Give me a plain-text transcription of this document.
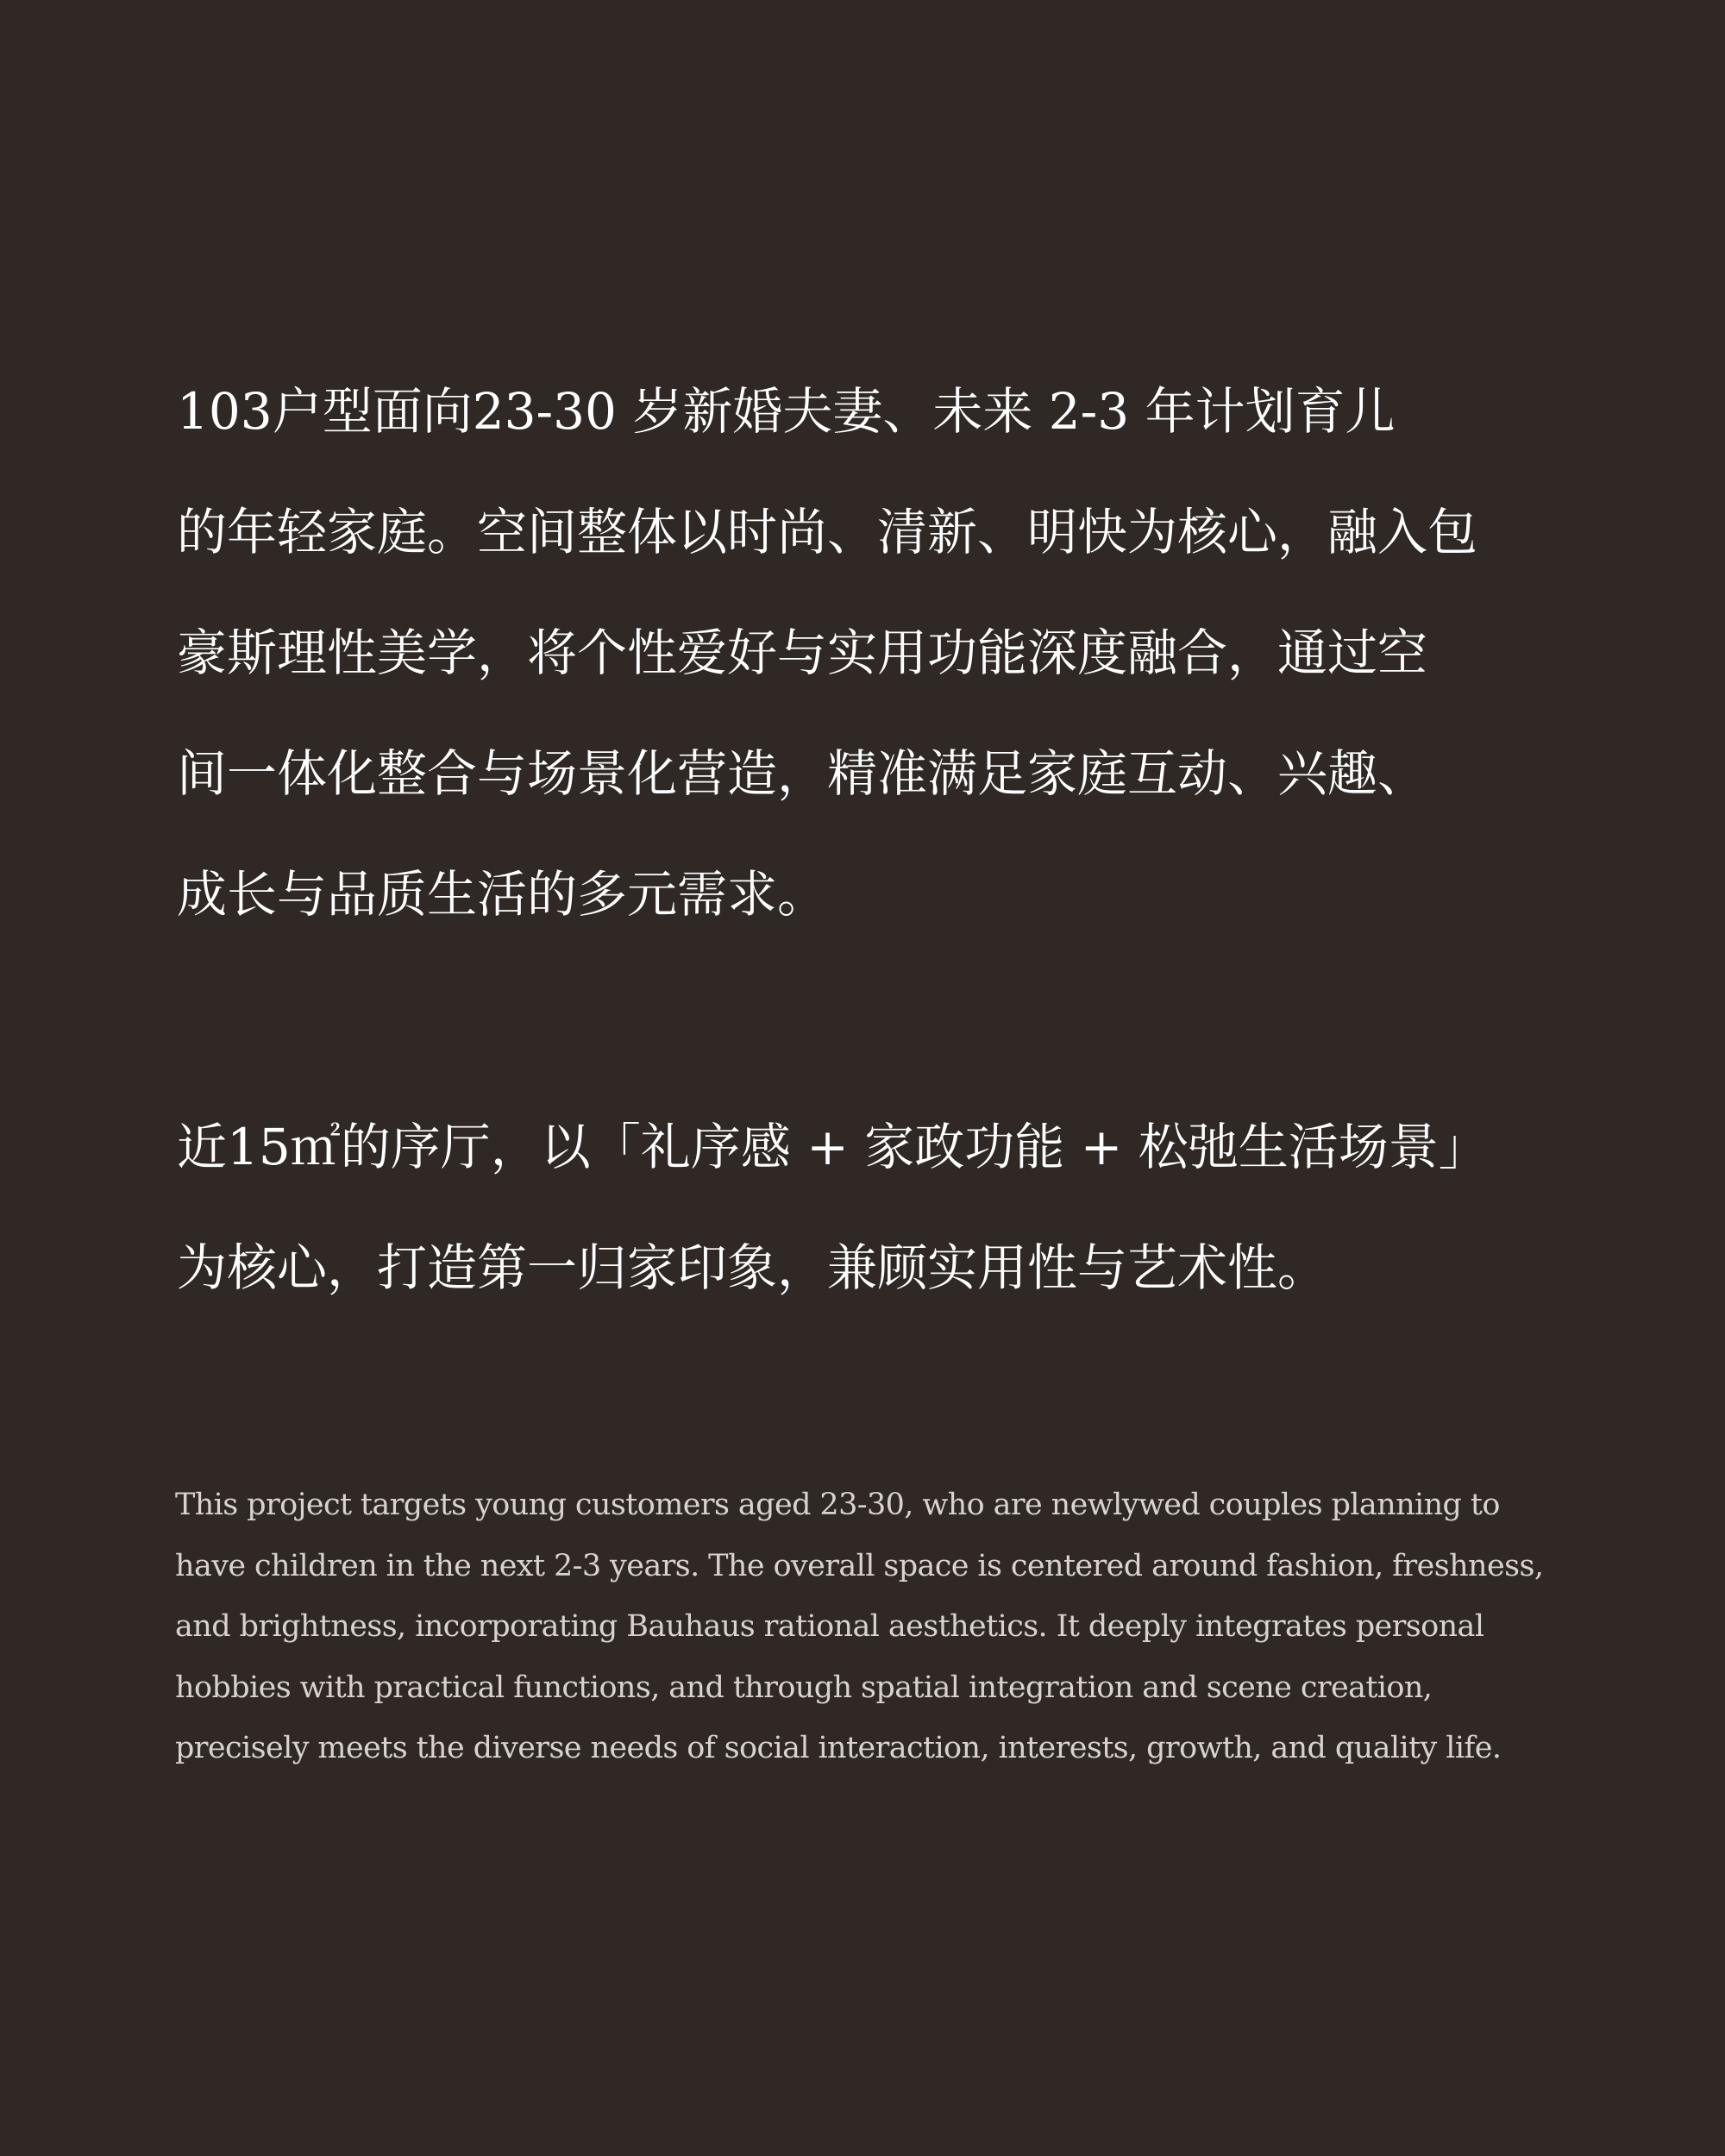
103户型面向23-30 岁新婚夫妻、未来 2-3 年计划育儿
的年轻家庭。空间整体以时尚、清新、明快为核心，融入包
豪斯理性美学，将个性爱好与实用功能深度融合，通过空
间一体化整合与场景化营造，精准满足家庭互动、兴趣、
成长与品质生活的多元需求。
近15㎡的序厅，以「礼序感 + 家政功能 + 松弛生活场景」
为核心，打造第一归家印象，兼顾实用性与艺术性。
This project targets young customers aged 23-30, who are newlywed couples planning to
have children in the next 2-3 years. The overall space is centered around fashion, freshness,
and brightness, incorporating Bauhaus rational aesthetics. It deeply integrates personal
hobbies with practical functions, and through spatial integration and scene creation,
precisely meets the diverse needs of social interaction, interests, growth, and quality life.
